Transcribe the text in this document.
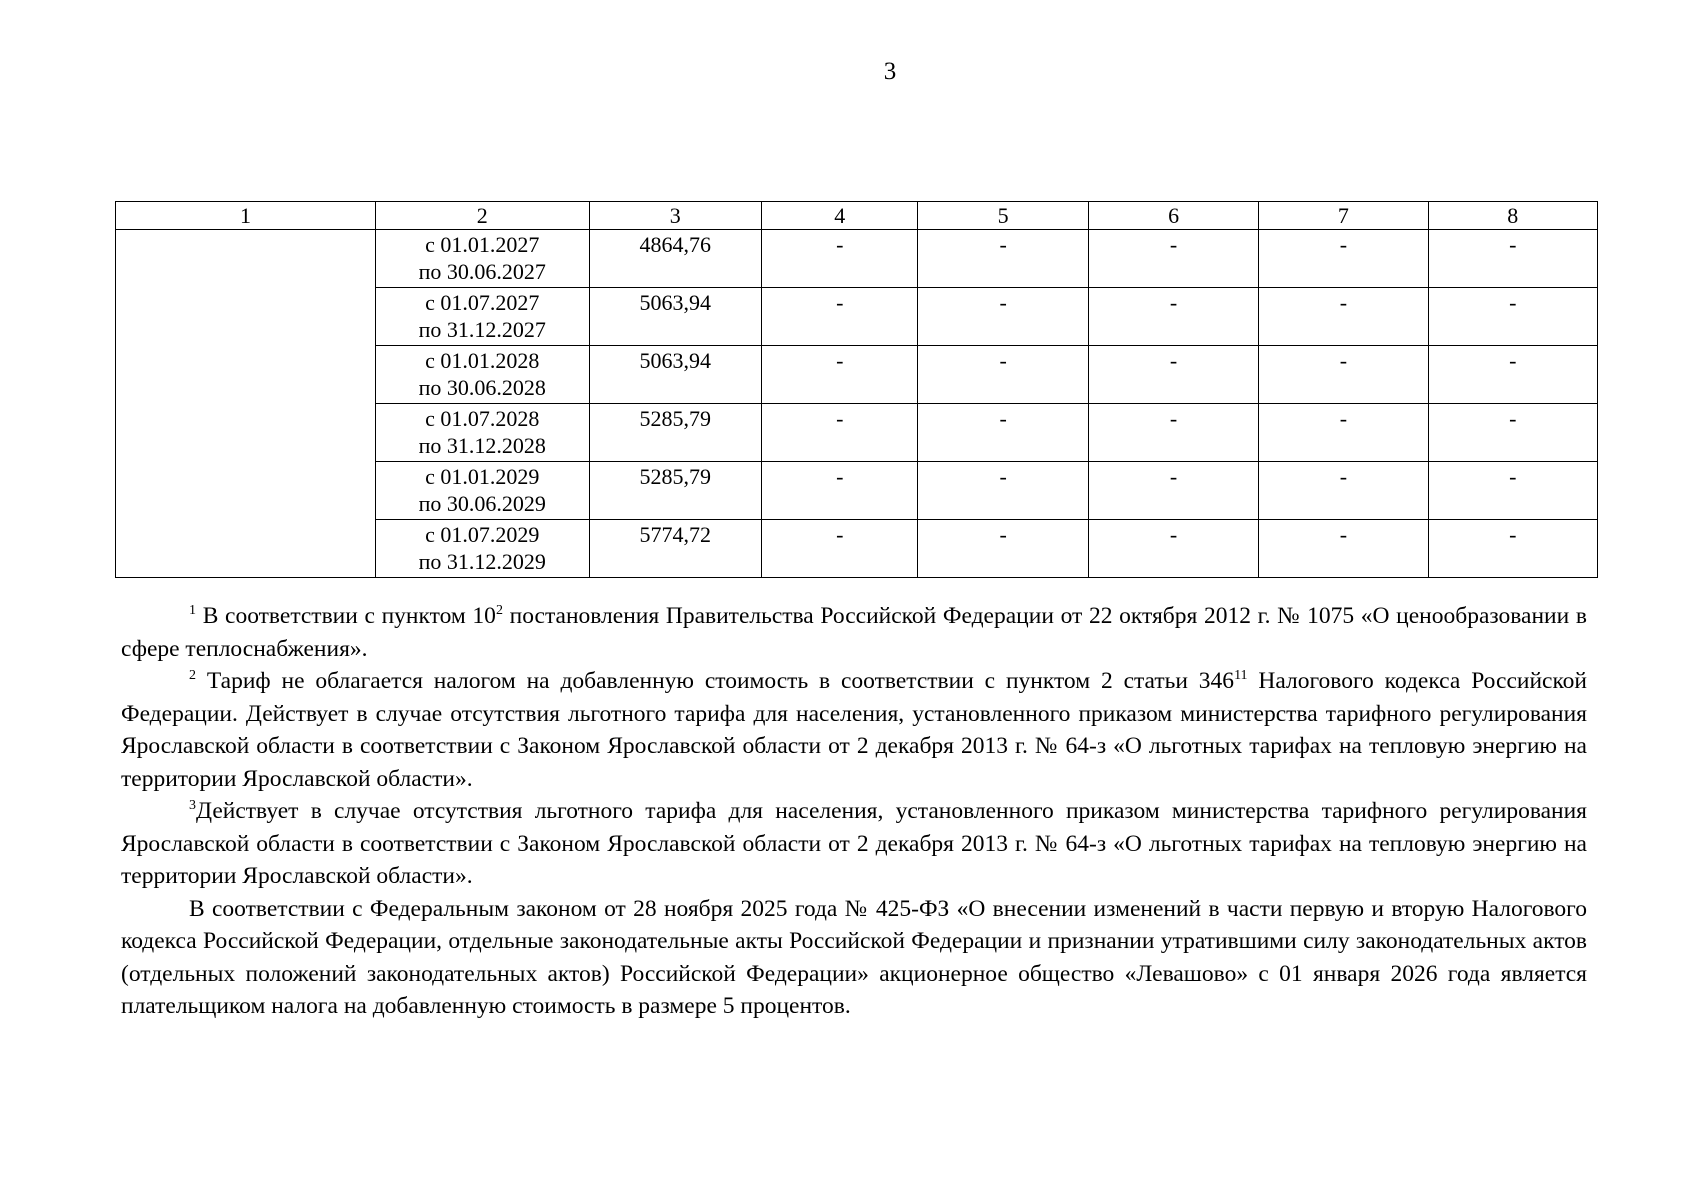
3
1	2	3	4	5	6	7	8

	с 01.01.2027
по 30.06.2027	4864,76	-	-	-	-	-

	с 01.07.2027
по 31.12.2027	5063,94	-	-	-	-	-

	с 01.01.2028
по 30.06.2028	5063,94	-	-	-	-	-

	с 01.07.2028
по 31.12.2028	5285,79	-	-	-	-	-

	с 01.01.2029
по 30.06.2029	5285,79	-	-	-	-	-

	с 01.07.2029
по 31.12.2029	5774,72	-	-	-	-	-

$^1$ В соответствии с пунктом $10^2$ постановления Правительства Российской Федерации от 22 октября 2012 г. № 1075 «О ценообразовании в сфере теплоснабжения».

$^2$ Тариф не облагается налогом на добавленную стоимость в соответствии с пунктом 2 статьи $346^{11}$ Налогового кодекса Российской Федерации. Действует в случае отсутствия льготного тарифа для населения, установленного приказом министерства тарифного регулирования Ярославской области в соответствии с Законом Ярославской области от 2 декабря 2013 г. № 64-з «О льготных тарифах на тепловую энергию на территории Ярославской области».

$^3$Действует в случае отсутствия льготного тарифа для населения, установленного приказом министерства тарифного регулирования Ярославской области в соответствии с Законом Ярославской области от 2 декабря 2013 г. № 64-з «О льготных тарифах на тепловую энергию на территории Ярославской области».

В соответствии с Федеральным законом от 28 ноября 2025 года № 425-ФЗ «О внесении изменений в части первую и вторую Налогового кодекса Российской Федерации, отдельные законодательные акты Российской Федерации и признании утратившими силу законодательных актов (отдельных положений законодательных актов) Российской Федерации» акционерное общество «Левашово» с 01 января 2026 года является плательщиком налога на добавленную стоимость в размере 5 процентов.
